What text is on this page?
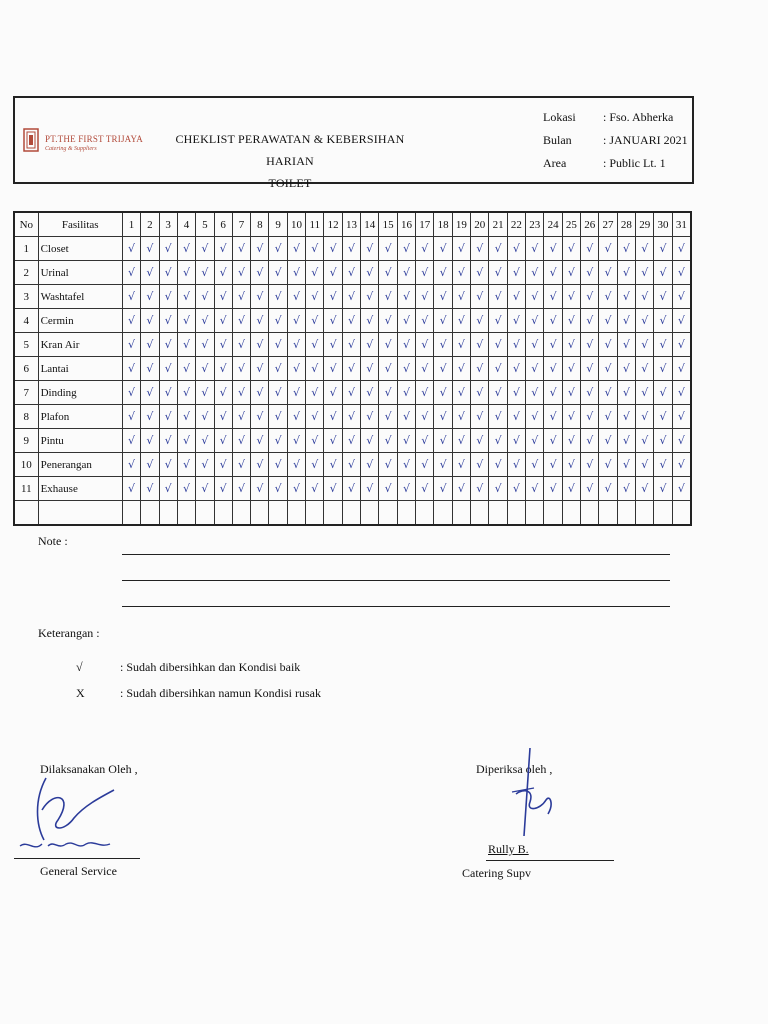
PT.THE FIRST TRIJAYA
Catering & Suppliers
CHEKLIST PERAWATAN & KEBERSIHAN HARIAN
TOILET
Lokasi	: Fso. Abherka
Bulan	: JANUARI 2021
Area	: Public Lt. 1
No	Fasilitas	1	2	3	4	5	6	7	8	9	10	11	12	13	14	15	16	17	18	19	20	21	22	23	24	25	26	27	28	29	30	31
1	Closet	√	√	√	√	√	√	√	√	√	√	√	√	√	√	√	√	√	√	√	√	√	√	√	√	√	√	√	√	√	√	√
2	Urinal	√	√	√	√	√	√	√	√	√	√	√	√	√	√	√	√	√	√	√	√	√	√	√	√	√	√	√	√	√	√	√
3	Washtafel	√	√	√	√	√	√	√	√	√	√	√	√	√	√	√	√	√	√	√	√	√	√	√	√	√	√	√	√	√	√	√
4	Cermin	√	√	√	√	√	√	√	√	√	√	√	√	√	√	√	√	√	√	√	√	√	√	√	√	√	√	√	√	√	√	√
5	Kran Air	√	√	√	√	√	√	√	√	√	√	√	√	√	√	√	√	√	√	√	√	√	√	√	√	√	√	√	√	√	√	√
6	Lantai	√	√	√	√	√	√	√	√	√	√	√	√	√	√	√	√	√	√	√	√	√	√	√	√	√	√	√	√	√	√	√
7	Dinding	√	√	√	√	√	√	√	√	√	√	√	√	√	√	√	√	√	√	√	√	√	√	√	√	√	√	√	√	√	√	√
8	Plafon	√	√	√	√	√	√	√	√	√	√	√	√	√	√	√	√	√	√	√	√	√	√	√	√	√	√	√	√	√	√	√
9	Pintu	√	√	√	√	√	√	√	√	√	√	√	√	√	√	√	√	√	√	√	√	√	√	√	√	√	√	√	√	√	√	√
10	Penerangan	√	√	√	√	√	√	√	√	√	√	√	√	√	√	√	√	√	√	√	√	√	√	√	√	√	√	√	√	√	√	√
11	Exhause	√	√	√	√	√	√	√	√	√	√	√	√	√	√	√	√	√	√	√	√	√	√	√	√	√	√	√	√	√	√	√

Note :
Keterangan :
√	: Sudah dibersihkan dan Kondisi baik
X	: Sudah dibersihkan namun Kondisi rusak
Dilaksanakan Oleh ,
General Service
Diperiksa oleh ,
Rully B.
Catering Supv
